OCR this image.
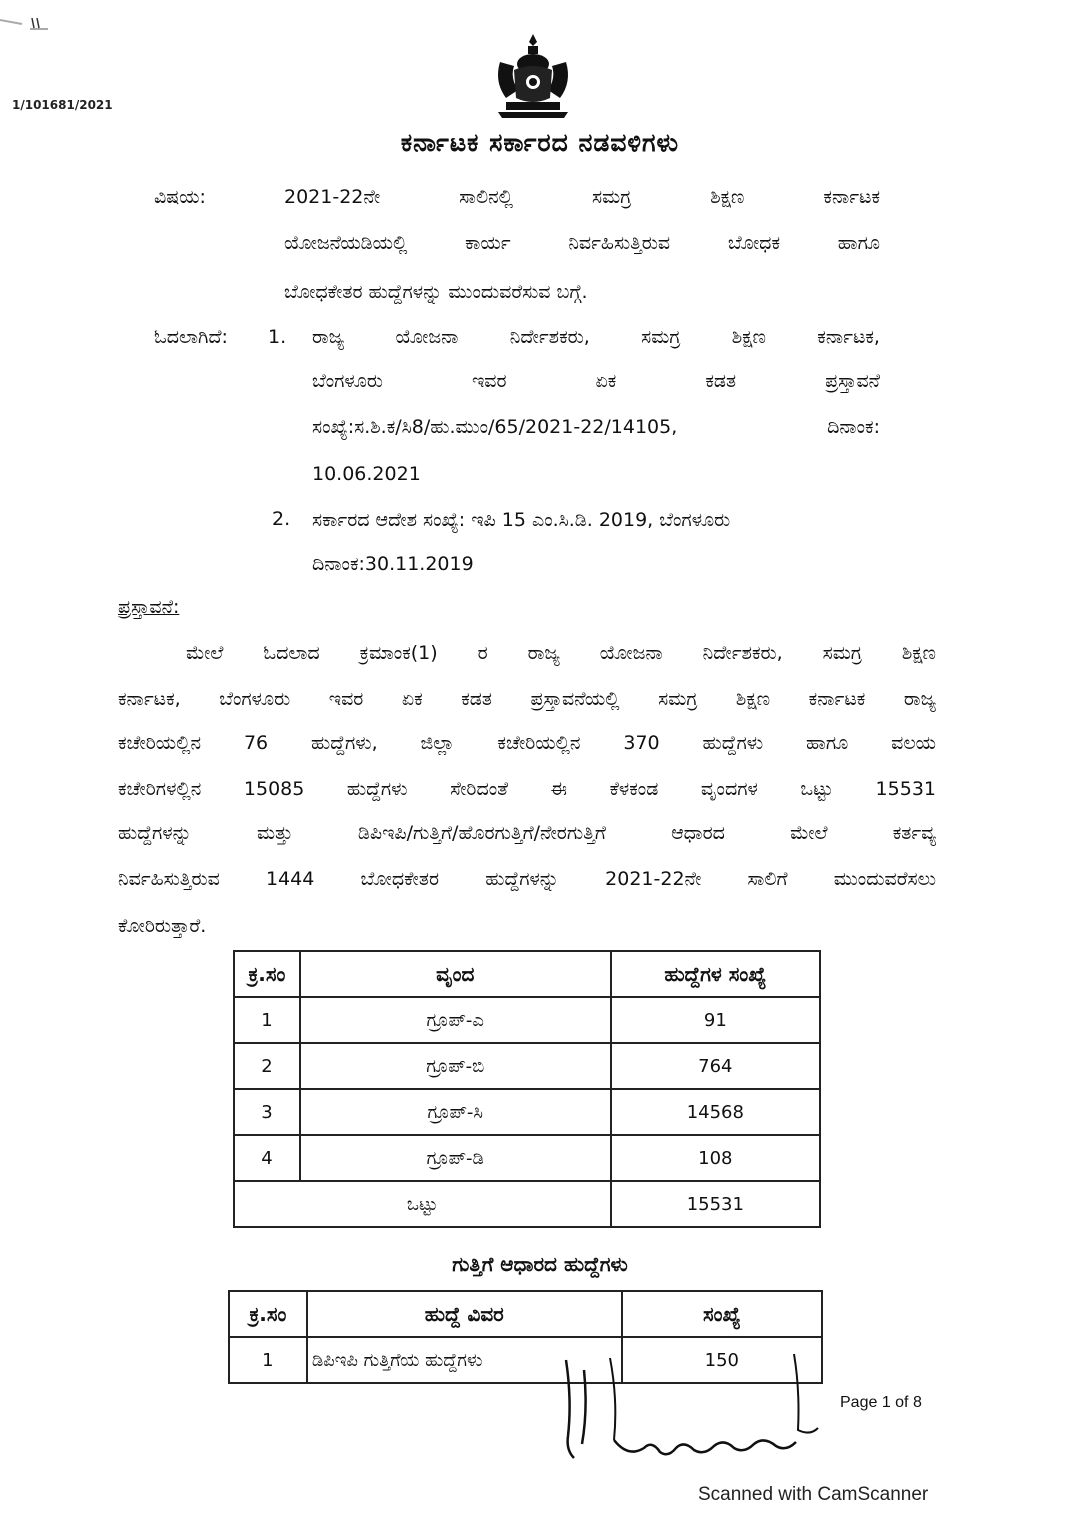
1/101681/2021
ಕರ್ನಾಟಕ ಸರ್ಕಾರದ ನಡವಳಿಗಳು
ವಿಷಯ:	2021-22ನೇ	ಸಾಲಿನಲ್ಲಿ	ಸಮಗ್ರ	ಶಿಕ್ಷಣ	ಕರ್ನಾಟಕ
ಯೋಜನೆಯಡಿಯಲ್ಲಿ	ಕಾರ್ಯ	ನಿರ್ವಹಿಸುತ್ತಿರುವ	ಬೋಧಕ	ಹಾಗೂ
ಬೋಧಕೇತರ ಹುದ್ದೆಗಳನ್ನು ಮುಂದುವರೆಸುವ ಬಗ್ಗೆ.
ಓದಲಾಗಿದೆ: 1. ರಾಜ್ಯ	ಯೋಜನಾ	ನಿರ್ದೇಶಕರು,	ಸಮಗ್ರ	ಶಿಕ್ಷಣ	ಕರ್ನಾಟಕ,
ಬೆಂಗಳೂರು	ಇವರ	ಏಕ	ಕಡತ	ಪ್ರಸ್ತಾವನೆ
ಸಂಖ್ಯೆ:ಸ.ಶಿ.ಕ/ಸಿ8/ಹು.ಮುಂ/65/2021-22/14105,	ದಿನಾಂಕ:
10.06.2021
2. ಸರ್ಕಾರದ ಆದೇಶ ಸಂಖ್ಯೆ: ಇಪಿ 15 ಎಂ.ಸಿ.ಡಿ. 2019, ಬೆಂಗಳೂರು
ದಿನಾಂಕ:30.11.2019
ಪ್ರಸ್ತಾವನೆ:
ಮೇಲೆ ಓದಲಾದ ಕ್ರಮಾಂಕ(1) ರ ರಾಜ್ಯ ಯೋಜನಾ ನಿರ್ದೇಶಕರು, ಸಮಗ್ರ ಶಿಕ್ಷಣ
ಕರ್ನಾಟಕ, ಬೆಂಗಳೂರು ಇವರ ಏಕ ಕಡತ ಪ್ರಸ್ತಾವನೆಯಲ್ಲಿ ಸಮಗ್ರ ಶಿಕ್ಷಣ ಕರ್ನಾಟಕ ರಾಜ್ಯ
ಕಚೇರಿಯಲ್ಲಿನ 76 ಹುದ್ದೆಗಳು, ಜಿಲ್ಲಾ ಕಚೇರಿಯಲ್ಲಿನ 370 ಹುದ್ದೆಗಳು ಹಾಗೂ ವಲಯ
ಕಚೇರಿಗಳಲ್ಲಿನ 15085 ಹುದ್ದೆಗಳು ಸೇರಿದಂತೆ ಈ ಕೆಳಕಂಡ ವೃಂದಗಳ ಒಟ್ಟು 15531
ಹುದ್ದೆಗಳನ್ನು ಮತ್ತು ಡಿಪಿಇಪಿ/ಗುತ್ತಿಗೆ/ಹೊರಗುತ್ತಿಗೆ/ನೇರಗುತ್ತಿಗೆ ಆಧಾರದ ಮೇಲೆ ಕರ್ತವ್ಯ
ನಿರ್ವಹಿಸುತ್ತಿರುವ 1444 ಬೋಧಕೇತರ ಹುದ್ದೆಗಳನ್ನು 2021-22ನೇ ಸಾಲಿಗೆ ಮುಂದುವರೆಸಲು
ಕೋರಿರುತ್ತಾರೆ.
ಕ್ರ.ಸಂ	ವೃಂದ	ಹುದ್ದೆಗಳ ಸಂಖ್ಯೆ
1	ಗ್ರೂಪ್-ಎ	91
2	ಗ್ರೂಪ್-ಬಿ	764
3	ಗ್ರೂಪ್-ಸಿ	14568
4	ಗ್ರೂಪ್-ಡಿ	108
ಒಟ್ಟು		15531
ಗುತ್ತಿಗೆ ಆಧಾರದ ಹುದ್ದೆಗಳು
ಕ್ರ.ಸಂ	ಹುದ್ದೆ ವಿವರ	ಸಂಖ್ಯೆ
1	ಡಿಪಿಇಪಿ ಗುತ್ತಿಗೆಯ ಹುದ್ದೆಗಳು	150
Page 1 of 8
Scanned with CamScanner
